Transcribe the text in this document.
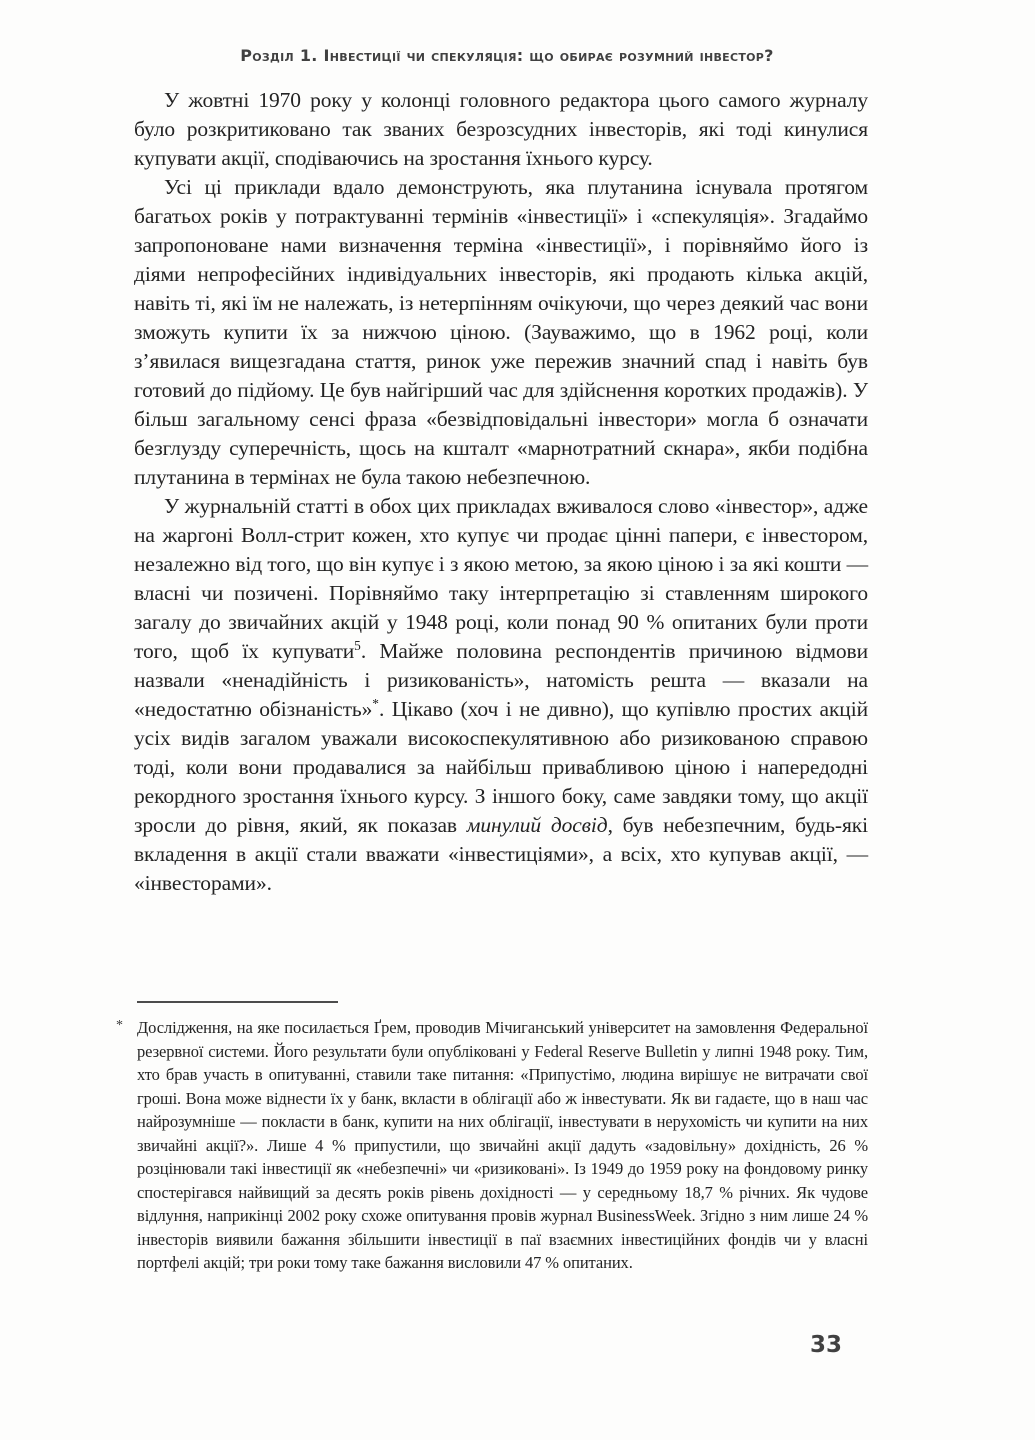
Розділ 1. Інвестиції чи спекуляція: що обирає розумний інвестор?

У жовтні 1970 року у колонці головного редактора цього самого журналу було розкритиковано так званих безрозсудних інвесторів, які тоді кинулися купувати акції, сподіваючись на зростання їхнього курсу.

Усі ці приклади вдало демонструють, яка плутанина існувала протягом багатьох років у потрактуванні термінів «інвестиції» і «спекуляція». Згадаймо запропоноване нами визначення терміна «інвестиції», і порівняймо його із діями непрофесійних індивідуальних інвесторів, які продають кілька акцій, навіть ті, які їм не належать, із нетерпінням очікуючи, що через деякий час вони зможуть купити їх за нижчою ціною. (Зауважимо, що в 1962 році, коли з’явилася вищезгадана стаття, ринок уже пережив значний спад і навіть був готовий до підйому. Це був найгірший час для здійснення коротких продажів). У більш загальному сенсі фраза «безвідповідальні інвестори» могла б означати безглузду суперечність, щось на кшталт «марнотратний скнара», якби подібна плутанина в термінах не була такою небезпечною.

У журнальній статті в обох цих прикладах вживалося слово «інвестор», адже на жаргоні Волл-стрит кожен, хто купує чи продає цінні папери, є інвестором, незалежно від того, що він купує і з якою метою, за якою ціною і за які кошти — власні чи позичені. Порівняймо таку інтерпретацію зі ставленням широкого загалу до звичайних акцій у 1948 році, коли понад 90 % опитаних були проти того, щоб їх купувати$^5$. Майже половина респондентів причиною відмови назвали «ненадійність і ризикованість», натомість решта — вказали на «недостатню обізнаність»*. Цікаво (хоч і не дивно), що купівлю простих акцій усіх видів загалом уважали високоспекулятивною або ризикованою справою тоді, коли вони продавалися за найбільш привабливою ціною і напередодні рекордного зростання їхнього курсу. З іншого боку, саме завдяки тому, що акції зросли до рівня, який, як показав минулий досвід, був небезпечним, будь-які вкладення в акції стали вважати «інвестиціями», а всіх, хто купував акції, — «інвесторами».

* Дослідження, на яке посилається Ґрем, проводив Мічиганський університет на замовлення Федеральної резервної системи. Його результати були опубліковані у Federal Reserve Bulletin у липні 1948 року. Тим, хто брав участь в опитуванні, ставили таке питання: «Припустімо, людина вирішує не витрачати свої гроші. Вона може віднести їх у банк, вкласти в облігації або ж інвестувати. Як ви гадаєте, що в наш час найрозумніше — покласти в банк, купити на них облігації, інвестувати в нерухомість чи купити на них звичайні акції?». Лише 4 % припустили, що звичайні акції дадуть «задовільну» дохідність, 26 % розцінювали такі інвестиції як «небезпечні» чи «ризиковані». Із 1949 до 1959 року на фондовому ринку спостерігався найвищий за десять років рівень дохідності — у середньому 18,7 % річних. Як чудове відлуння, наприкінці 2002 року схоже опитування провів журнал BusinessWeek. Згідно з ним лише 24 % інвесторів виявили бажання збільшити інвестиції в паї взаємних інвестиційних фондів чи у власні портфелі акцій; три роки тому таке бажання висловили 47 % опитаних.
33
